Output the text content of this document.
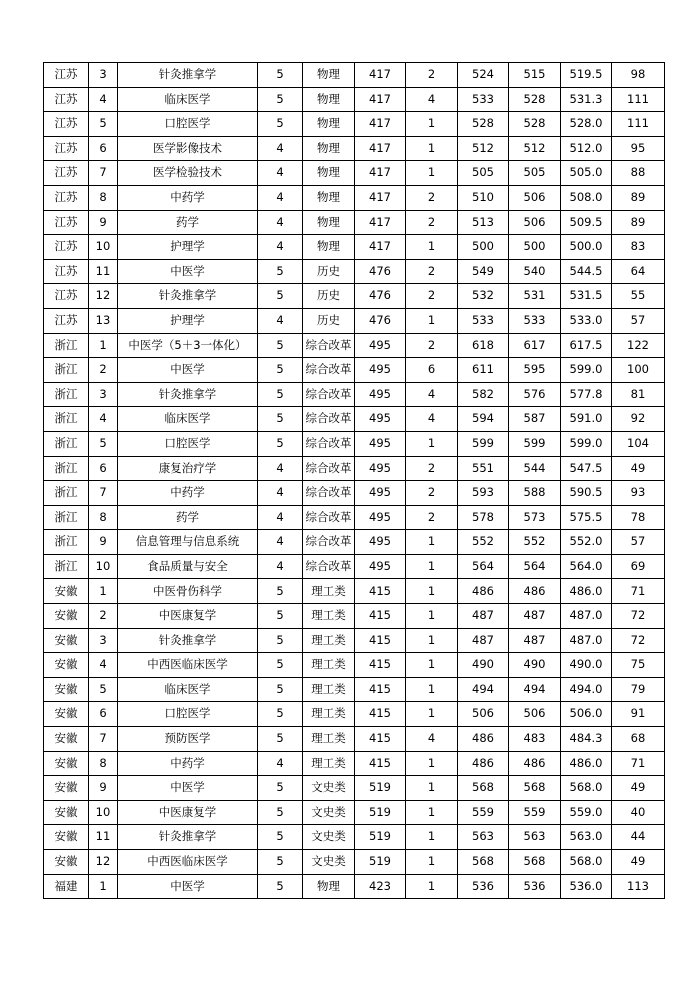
江苏	3	针灸推拿学	5	物理	417	2	524	515	519.5	98
江苏	4	临床医学	5	物理	417	4	533	528	531.3	111
江苏	5	口腔医学	5	物理	417	1	528	528	528.0	111
江苏	6	医学影像技术	4	物理	417	1	512	512	512.0	95
江苏	7	医学检验技术	4	物理	417	1	505	505	505.0	88
江苏	8	中药学	4	物理	417	2	510	506	508.0	89
江苏	9	药学	4	物理	417	2	513	506	509.5	89
江苏	10	护理学	4	物理	417	1	500	500	500.0	83
江苏	11	中医学	5	历史	476	2	549	540	544.5	64
江苏	12	针灸推拿学	5	历史	476	2	532	531	531.5	55
江苏	13	护理学	4	历史	476	1	533	533	533.0	57
浙江	1	中医学（5＋3一体化）	5	综合改革	495	2	618	617	617.5	122
浙江	2	中医学	5	综合改革	495	6	611	595	599.0	100
浙江	3	针灸推拿学	5	综合改革	495	4	582	576	577.8	81
浙江	4	临床医学	5	综合改革	495	4	594	587	591.0	92
浙江	5	口腔医学	5	综合改革	495	1	599	599	599.0	104
浙江	6	康复治疗学	4	综合改革	495	2	551	544	547.5	49
浙江	7	中药学	4	综合改革	495	2	593	588	590.5	93
浙江	8	药学	4	综合改革	495	2	578	573	575.5	78
浙江	9	信息管理与信息系统	4	综合改革	495	1	552	552	552.0	57
浙江	10	食品质量与安全	4	综合改革	495	1	564	564	564.0	69
安徽	1	中医骨伤科学	5	理工类	415	1	486	486	486.0	71
安徽	2	中医康复学	5	理工类	415	1	487	487	487.0	72
安徽	3	针灸推拿学	5	理工类	415	1	487	487	487.0	72
安徽	4	中西医临床医学	5	理工类	415	1	490	490	490.0	75
安徽	5	临床医学	5	理工类	415	1	494	494	494.0	79
安徽	6	口腔医学	5	理工类	415	1	506	506	506.0	91
安徽	7	预防医学	5	理工类	415	4	486	483	484.3	68
安徽	8	中药学	4	理工类	415	1	486	486	486.0	71
安徽	9	中医学	5	文史类	519	1	568	568	568.0	49
安徽	10	中医康复学	5	文史类	519	1	559	559	559.0	40
安徽	11	针灸推拿学	5	文史类	519	1	563	563	563.0	44
安徽	12	中西医临床医学	5	文史类	519	1	568	568	568.0	49
福建	1	中医学	5	物理	423	1	536	536	536.0	113
